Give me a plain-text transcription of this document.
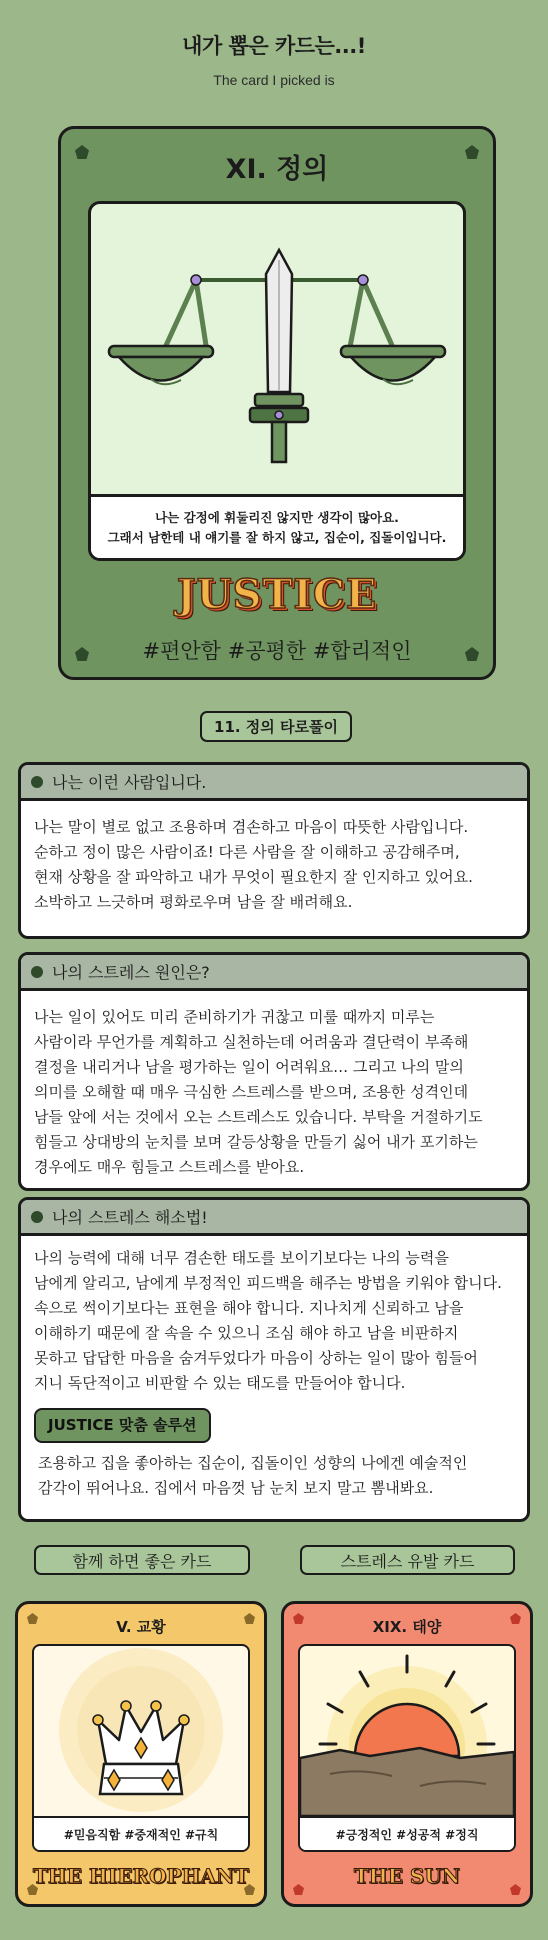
내가 뽑은 카드는...!
The card I picked is
XI. 정의
나는 감정에 휘둘리진 않지만 생각이 많아요.
그래서 남한테 내 얘기를 잘 하지 않고, 집순이, 집돌이입니다.
JUSTICE
#편안함 #공평한 #합리적인
11. 정의 타로풀이
나는 이런 사람입니다.
나는 말이 별로 없고 조용하며 겸손하고 마음이 따뜻한 사람입니다.
순하고 정이 많은 사람이죠! 다른 사람을 잘 이해하고 공감해주며,
현재 상황을 잘 파악하고 내가 무엇이 필요한지 잘 인지하고 있어요.
소박하고 느긋하며 평화로우며 남을 잘 배려해요.
나의 스트레스 원인은?
나는 일이 있어도 미리 준비하기가 귀찮고 미룰 때까지 미루는
사람이라 무언가를 계획하고 실천하는데 어려움과 결단력이 부족해
결정을 내리거나 남을 평가하는 일이 어려워요… 그리고 나의 말의
의미를 오해할 때 매우 극심한 스트레스를 받으며, 조용한 성격인데
남들 앞에 서는 것에서 오는 스트레스도 있습니다. 부탁을 거절하기도
힘들고 상대방의 눈치를 보며 갈등상황을 만들기 싫어 내가 포기하는
경우에도 매우 힘들고 스트레스를 받아요.
나의 스트레스 해소법!
나의 능력에 대해 너무 겸손한 태도를 보이기보다는 나의 능력을
남에게 알리고, 남에게 부정적인 피드백을 해주는 방법을 키워야 합니다.
속으로 썩이기보다는 표현을 해야 합니다. 지나치게 신뢰하고 남을
이해하기 때문에 잘 속을 수 있으니 조심 해야 하고 남을 비판하지
못하고 답답한 마음을 숨겨두었다가 마음이 상하는 일이 많아 힘들어
지니 독단적이고 비판할 수 있는 태도를 만들어야 합니다.
JUSTICE 맞춤 솔루션
조용하고 집을 좋아하는 집순이, 집돌이인 성향의 나에겐 예술적인
감각이 뛰어나요. 집에서 마음껏 남 눈치 보지 말고 뽐내봐요.
함께 하면 좋은 카드	스트레스 유발 카드
V. 교황
#믿음직함 #중재적인 #규칙
THE HIEROPHANT
XIX. 태양
#긍정적인 #성공적 #정직
THE SUN
